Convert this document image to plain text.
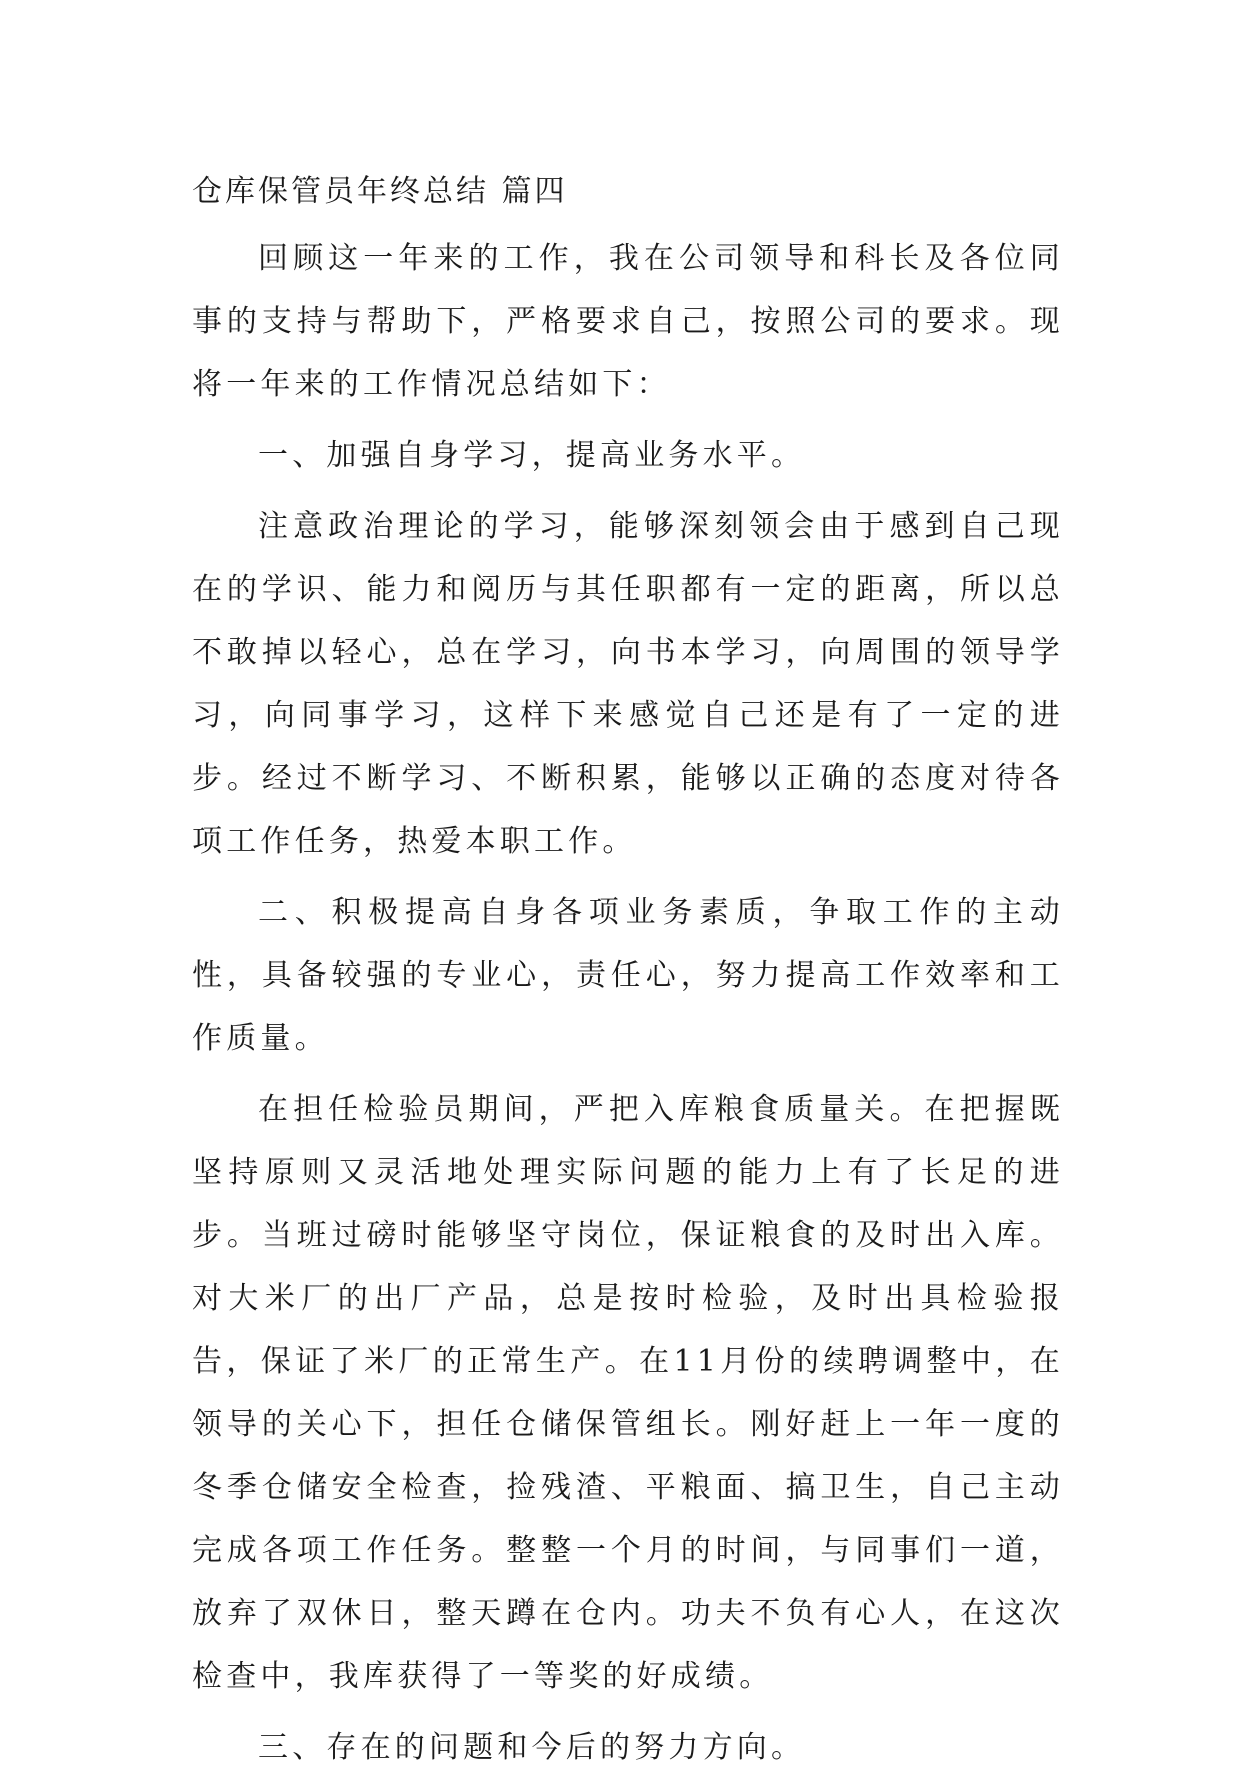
仓库保管员年终总结 篇四

回顾这一年来的工作，我在公司领导和科长及各位同事的支持与帮助下，严格要求自己，按照公司的要求。现将一年来的工作情况总结如下：

一、加强自身学习，提高业务水平。

注意政治理论的学习，能够深刻领会由于感到自己现在的学识、能力和阅历与其任职都有一定的距离，所以总不敢掉以轻心，总在学习，向书本学习，向周围的领导学习，向同事学习，这样下来感觉自己还是有了一定的进步。经过不断学习、不断积累，能够以正确的态度对待各项工作任务，热爱本职工作。

二、积极提高自身各项业务素质，争取工作的主动性，具备较强的专业心，责任心，努力提高工作效率和工作质量。

在担任检验员期间，严把入库粮食质量关。在把握既坚持原则又灵活地处理实际问题的能力上有了长足的进步。当班过磅时能够坚守岗位，保证粮食的及时出入库。对大米厂的出厂产品，总是按时检验，及时出具检验报告，保证了米厂的正常生产。在11月份的续聘调整中，在领导的关心下，担任仓储保管组长。刚好赶上一年一度的冬季仓储安全检查，捡残渣、平粮面、搞卫生，自己主动完成各项工作任务。整整一个月的时间，与同事们一道，放弃了双休日，整天蹲在仓内。功夫不负有心人，在这次检查中，我库获得了一等奖的好成绩。

三、存在的问题和今后的努力方向。
